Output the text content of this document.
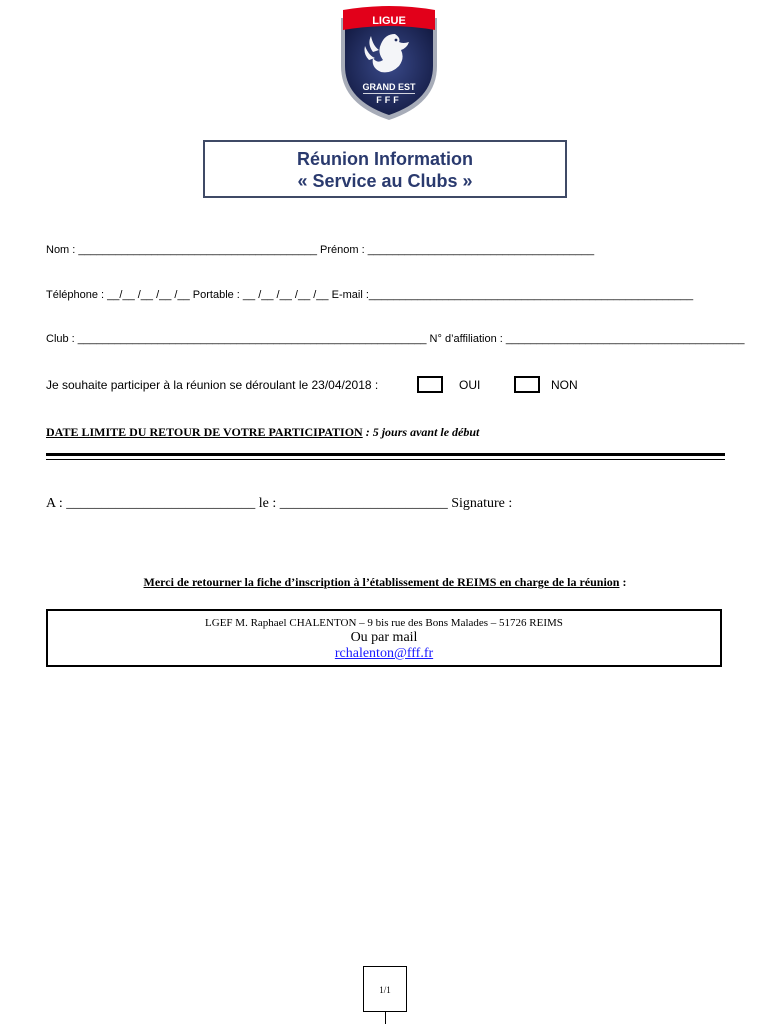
LIGUE
GRAND EST
FFF
Réunion Information
« Service au Clubs »
Nom : _______________________________________ Prénom : _____________________________________
Téléphone : __/__ /__ /__ /__ Portable : __ /__ /__ /__ /__ E-mail :_____________________________________________________
Club : _________________________________________________________ N° d’affiliation : _______________________________________
Je souhaite participer à la réunion se déroulant le 23/04/2018 :	OUI	NON
DATE LIMITE DU RETOUR DE VOTRE PARTICIPATION : 5 jours avant le début
A : ___________________________ le : ________________________ Signature :
Merci de retourner la fiche d’inscription à l’établissement de REIMS en charge de la réunion :
LGEF M. Raphael CHALENTON – 9 bis rue des Bons Malades – 51726 REIMS
Ou par mail
rchalenton@fff.fr
1/1
